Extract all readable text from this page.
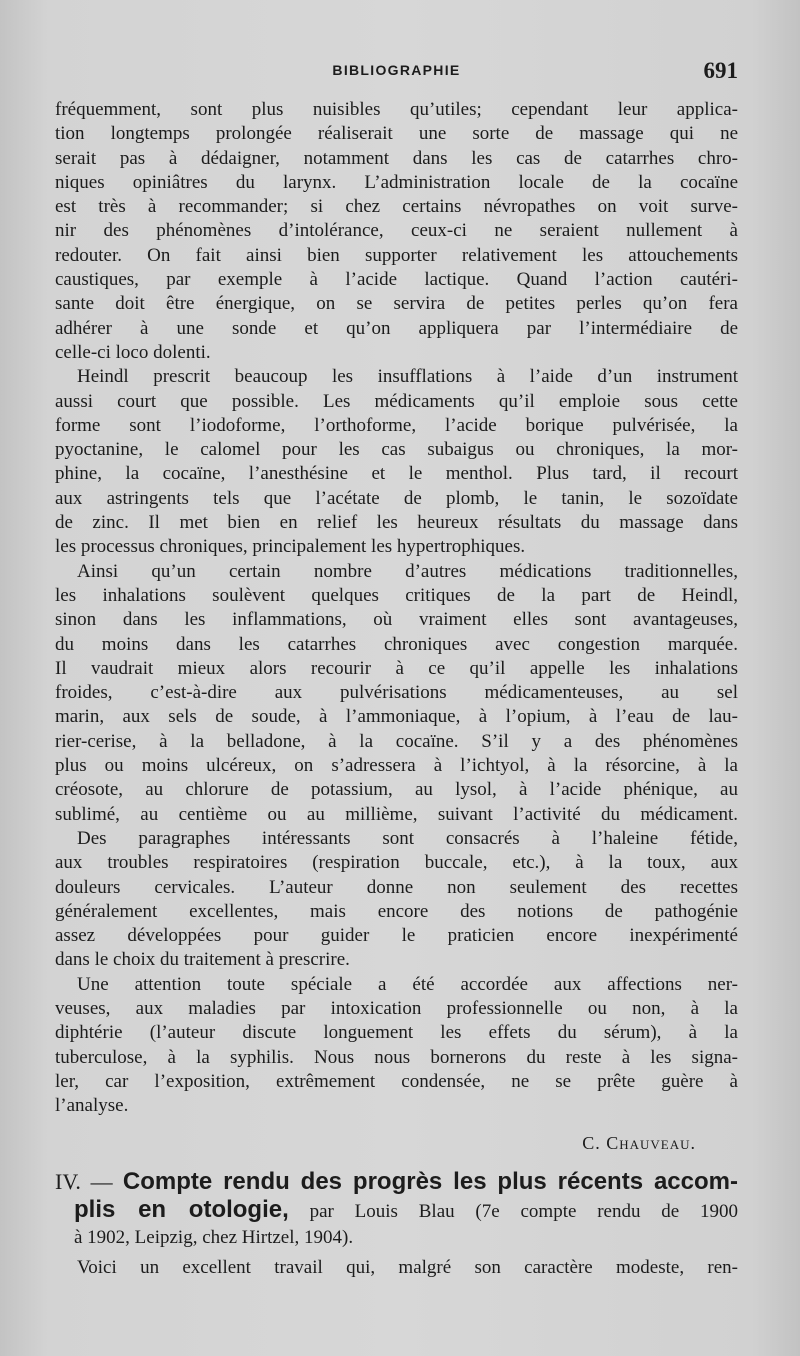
BIBLIOGRAPHIE	691
fréquemment, sont plus nuisibles qu’utiles; cependant leur applica-
tion longtemps prolongée réaliserait une sorte de massage qui ne
serait pas à dédaigner, notamment dans les cas de catarrhes chro-
niques opiniâtres du larynx. L’administration locale de la cocaïne
est très à recommander; si chez certains névropathes on voit surve-
nir des phénomènes d’intolérance, ceux-ci ne seraient nullement à
redouter. On fait ainsi bien supporter relativement les attouchements
caustiques, par exemple à l’acide lactique. Quand l’action cautéri-
sante doit être énergique, on se servira de petites perles qu’on fera
adhérer à une sonde et qu’on appliquera par l’intermédiaire de
celle-ci loco dolenti.
Heindl prescrit beaucoup les insufflations à l’aide d’un instrument
aussi court que possible. Les médicaments qu’il emploie sous cette
forme sont l’iodoforme, l’orthoforme, l’acide borique pulvérisée, la
pyoctanine, le calomel pour les cas subaigus ou chroniques, la mor-
phine, la cocaïne, l’anesthésine et le menthol. Plus tard, il recourt
aux astringents tels que l’acétate de plomb, le tanin, le sozoïdate
de zinc. Il met bien en relief les heureux résultats du massage dans
les processus chroniques, principalement les hypertrophiques.
Ainsi qu’un certain nombre d’autres médications traditionnelles,
les inhalations soulèvent quelques critiques de la part de Heindl,
sinon dans les inflammations, où vraiment elles sont avantageuses,
du moins dans les catarrhes chroniques avec congestion marquée.
Il vaudrait mieux alors recourir à ce qu’il appelle les inhalations
froides, c’est-à-dire aux pulvérisations médicamenteuses, au sel
marin, aux sels de soude, à l’ammoniaque, à l’opium, à l’eau de lau-
rier-cerise, à la belladone, à la cocaïne. S’il y a des phénomènes
plus ou moins ulcéreux, on s’adressera à l’ichtyol, à la résorcine, à la
créosote, au chlorure de potassium, au lysol, à l’acide phénique, au
sublimé, au centième ou au millième, suivant l’activité du médicament.
Des paragraphes intéressants sont consacrés à l’haleine fétide,
aux troubles respiratoires (respiration buccale, etc.), à la toux, aux
douleurs cervicales. L’auteur donne non seulement des recettes
généralement excellentes, mais encore des notions de pathogénie
assez développées pour guider le praticien encore inexpérimenté
dans le choix du traitement à prescrire.
Une attention toute spéciale a été accordée aux affections ner-
veuses, aux maladies par intoxication professionnelle ou non, à la
diphtérie (l’auteur discute longuement les effets du sérum), à la
tuberculose, à la syphilis. Nous nous bornerons du reste à les signa-
ler, car l’exposition, extrêmement condensée, ne se prête guère à
l’analyse.
C. Chauveau.
IV. — Compte rendu des progrès les plus récents accom-
plis en otologie, par Louis Blau (7e compte rendu de 1900
à 1902, Leipzig, chez Hirtzel, 1904).
Voici un excellent travail qui, malgré son caractère modeste, ren-
